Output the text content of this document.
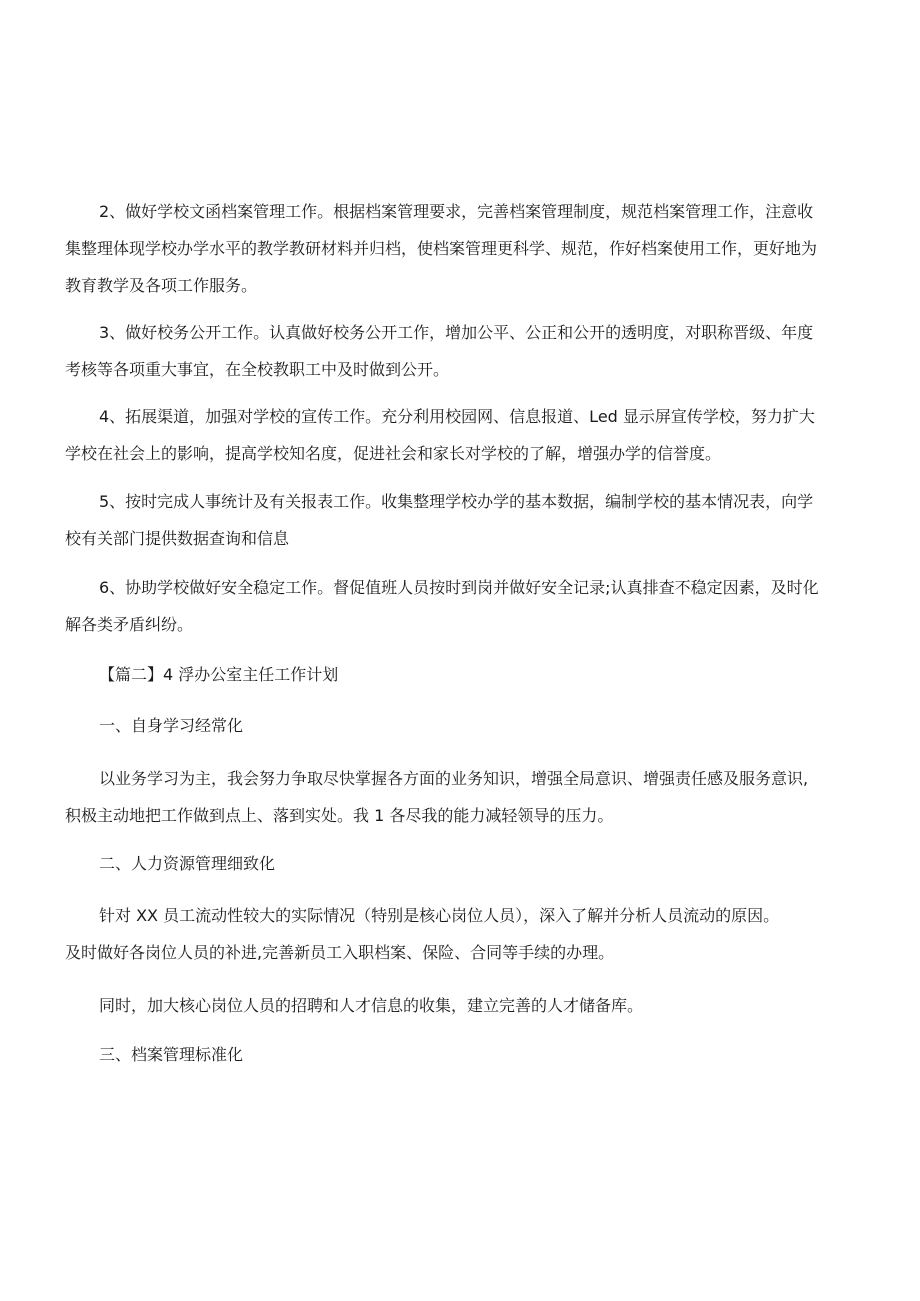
2、做好学校文函档案管理工作。根据档案管理要求，完善档案管理制度，规范档案管理工作，注意收
集整理体现学校办学水平的教学教研材料并归档，使档案管理更科学、规范，作好档案使用工作，更好地为
教育教学及各项工作服务。
3、做好校务公开工作。认真做好校务公开工作，增加公平、公正和公开的透明度，对职称晋级、年度
考核等各项重大事宜，在全校教职工中及时做到公开。
4、拓展渠道，加强对学校的宣传工作。充分利用校园网、信息报道、Led 显示屏宣传学校，努力扩大
学校在社会上的影响，提高学校知名度，促进社会和家长对学校的了解，增强办学的信誉度。
5、按时完成人事统计及有关报表工作。收集整理学校办学的基本数据，编制学校的基本情况表，向学
校有关部门提供数据查询和信息
6、协助学校做好安全稳定工作。督促值班人员按时到岗并做好安全记录;认真排查不稳定因素，及时化
解各类矛盾纠纷。
【篇二】4 浮办公室主任工作计划
一、自身学习经常化
以业务学习为主，我会努力争取尽快掌握各方面的业务知识，增强全局意识、增强责任感及服务意识,
积极主动地把工作做到点上、落到实处。我 1 各尽我的能力减轻领导的压力。
二、人力资源管理细致化
针对 XX 员工流动性较大的实际情况（特别是核心岗位人员），深入了解并分析人员流动的原因。
及时做好各岗位人员的补进,完善新员工入职档案、保险、合同等手续的办理。
同时，加大核心岗位人员的招聘和人才信息的收集，建立完善的人才储备库。
三、档案管理标准化
